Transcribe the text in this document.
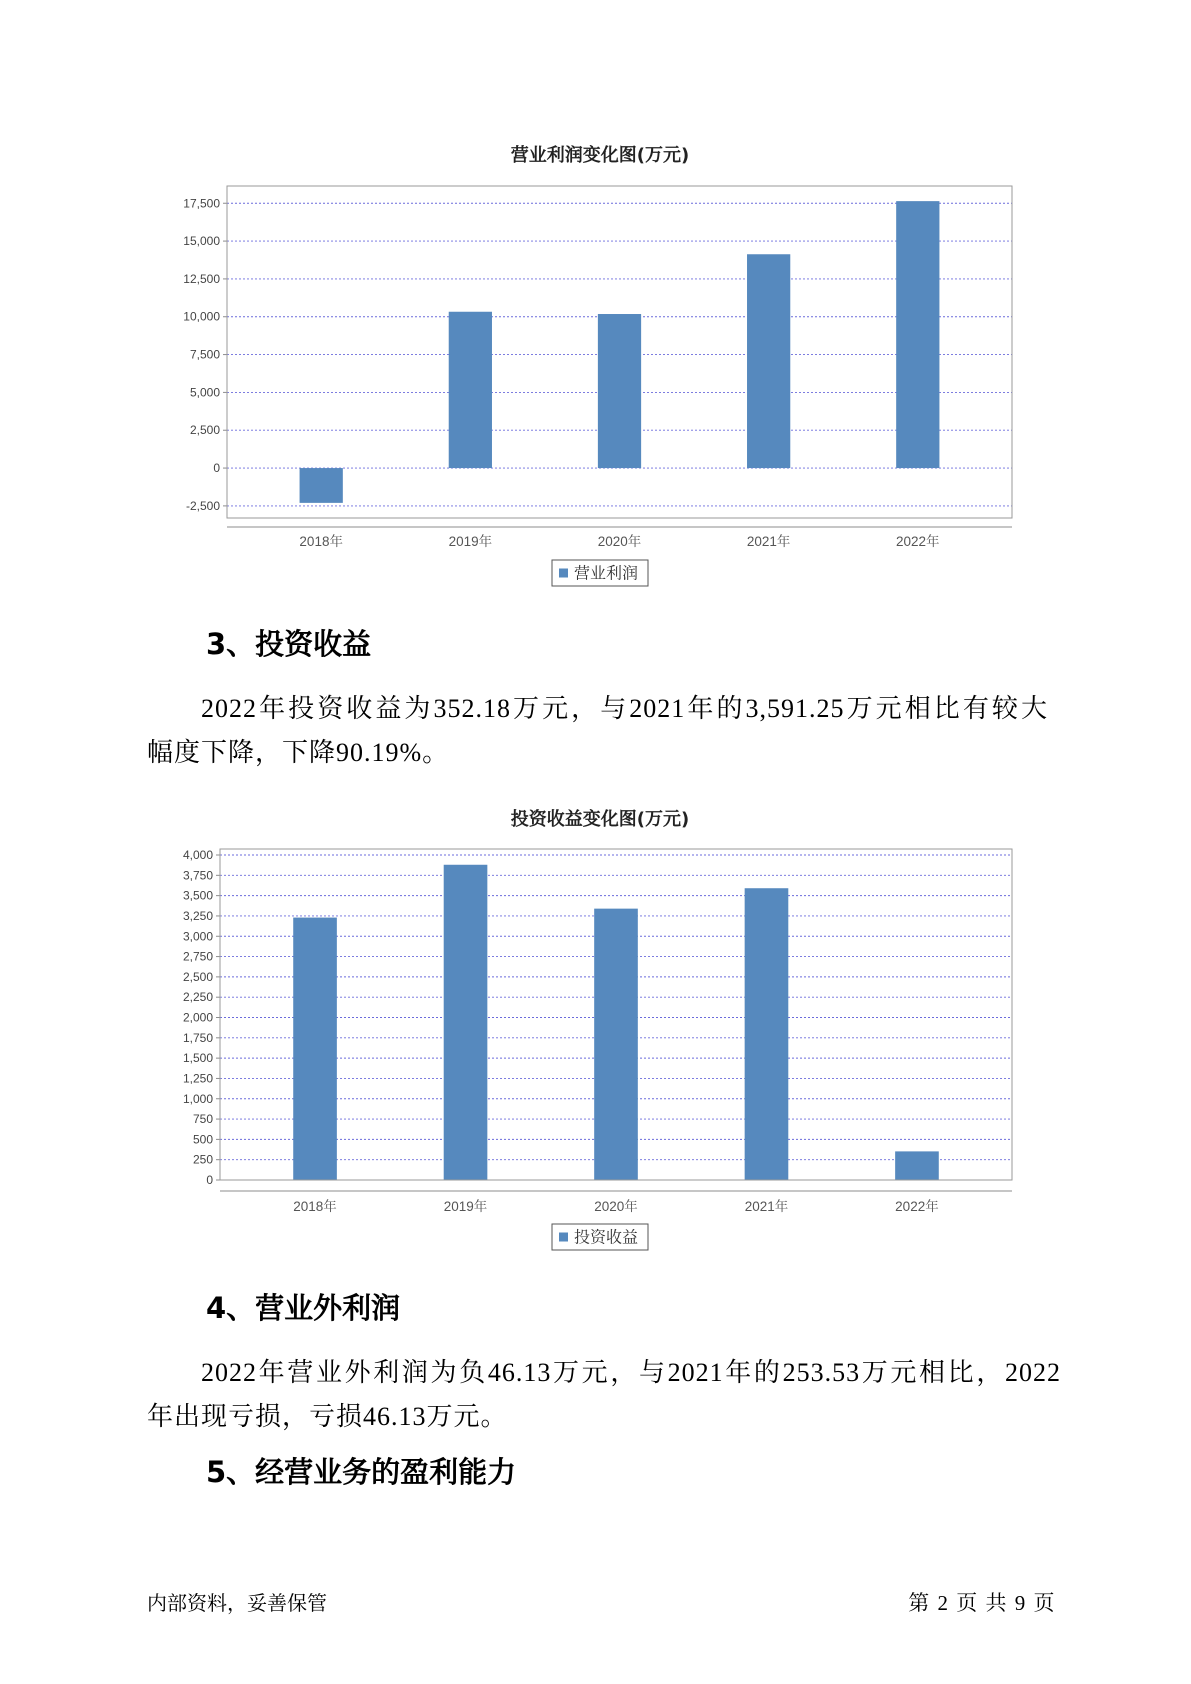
营业利润变化图(万元)
-2,500
0
2,500
5,000
7,500
10,000
12,500
15,000
17,500
2018年	2019年	2020年	2021年	2022年
营业利润
3、投资收益
2022年投资收益为352.18万元，与2021年的3,591.25万元相比有较大
幅度下降，下降90.19%。
投资收益变化图(万元)
0
250
500
750
1,000
1,250
1,500
1,750
2,000
2,250
2,500
2,750
3,000
3,250
3,500
3,750
4,000
2018年	2019年	2020年	2021年	2022年
投资收益
4、营业外利润
2022年营业外利润为负46.13万元，与2021年的253.53万元相比，2022
年出现亏损，亏损46.13万元。
5、经营业务的盈利能力
内部资料，妥善保管	第 2 页 共 9 页
